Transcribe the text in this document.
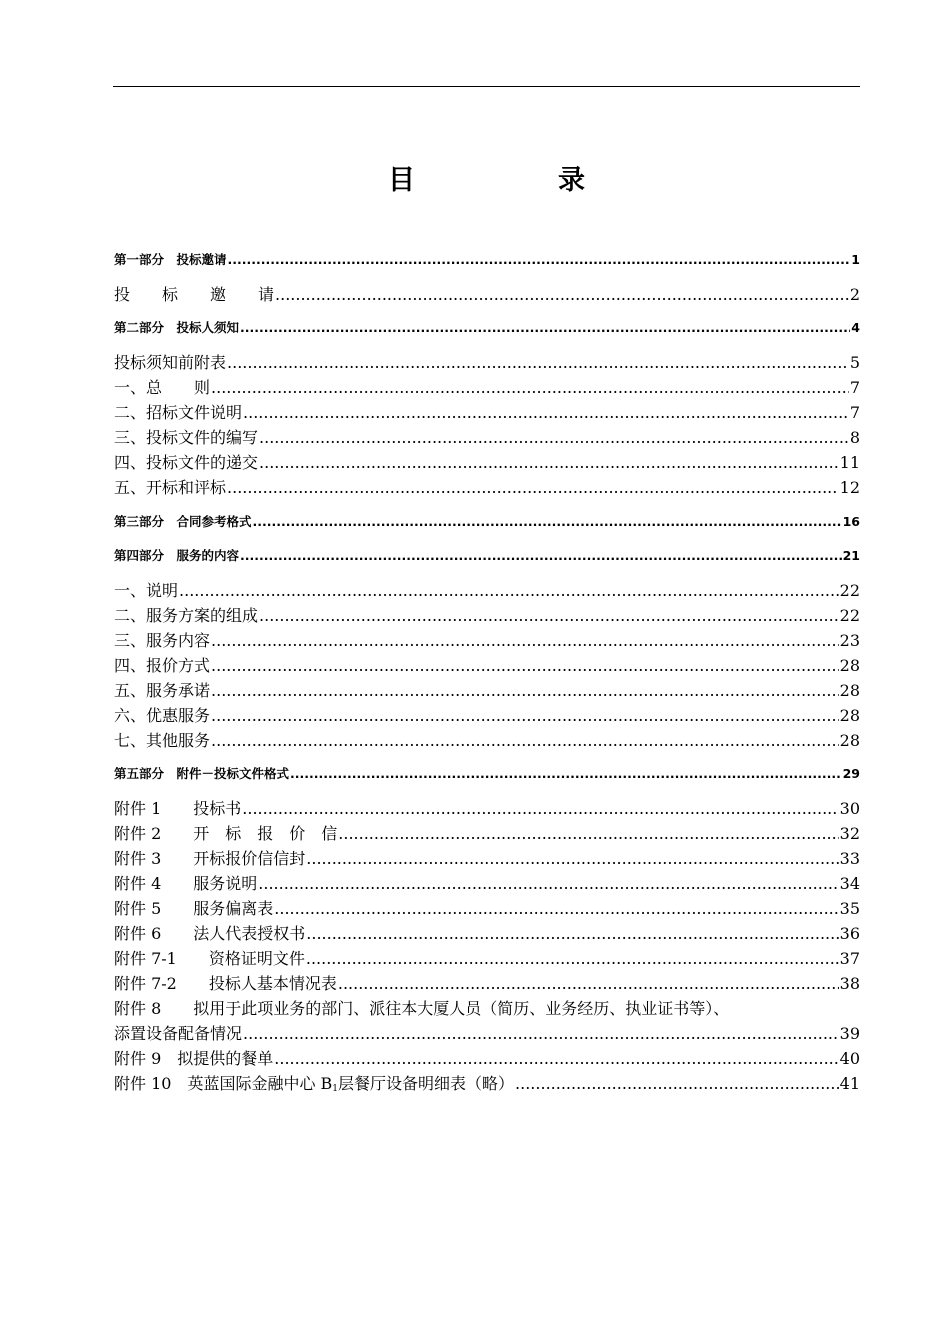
目	录
第一部分　投标邀请 .....	1
投　　标　　邀　　请 .....	2
第二部分　投标人须知 .....	4
投标须知前附表 .....	5
一、总　　则 .....	7
二、招标文件说明 .....	7
三、投标文件的编写 .....	8
四、投标文件的递交 .....	11
五、开标和评标 .....	12
第三部分　合同参考格式 .....	16
第四部分　服务的内容 .....	21
一、说明 .....	22
二、服务方案的组成 .....	22
三、服务内容 .....	23
四、报价方式 .....	28
五、服务承诺 .....	28
六、优惠服务 .....	28
七、其他服务 .....	28
第五部分　附件－投标文件格式 .....	29
附件 1　　投标书 .....	30
附件 2　　开　标　报　价　信 .....	32
附件 3　　开标报价信信封 .....	33
附件 4　　服务说明 .....	34
附件 5　　服务偏离表 .....	35
附件 6　　法人代表授权书 .....	36
附件 7-1　　资格证明文件 .....	37
附件 7-2　　投标人基本情况表 .....	38
附件 8　　拟用于此项业务的部门、派往本大厦人员（简历、业务经历、执业证书等）、
添置设备配备情况 .....	39
附件 9　拟提供的餐单 .....	40
附件 10　英蓝国际金融中心 $B_1$层餐厅设备明细表（略） .....	41
